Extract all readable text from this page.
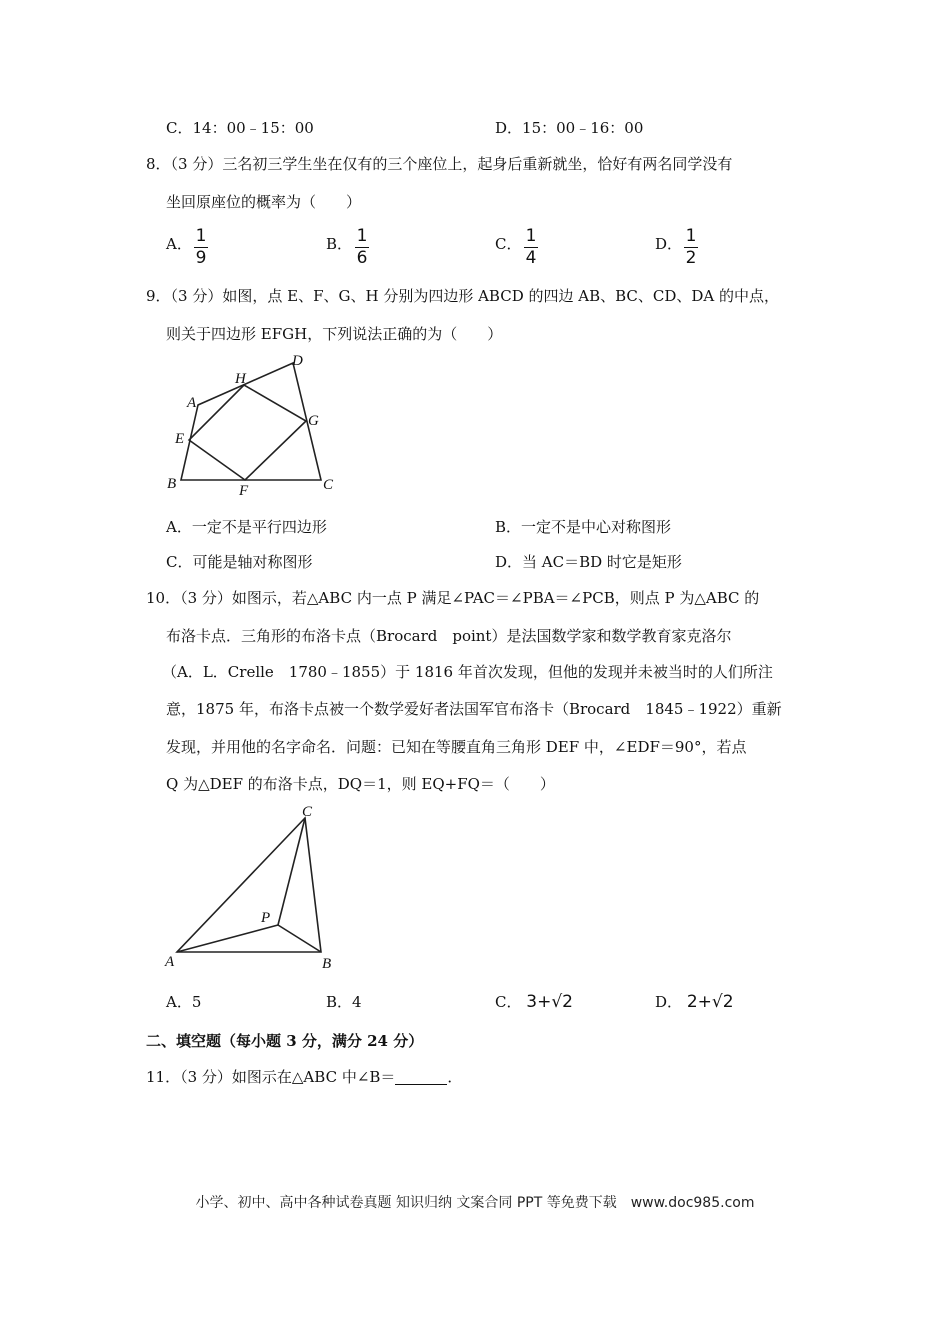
C．14：00﹣15：00	D．15：00﹣16：00
8．（3 分）三名初三学生坐在仅有的三个座位上，起身后重新就坐，恰好有两名同学没有
坐回原座位的概率为（　　）
A． 1
9
B． 1
6
C． 1
4
D． 1
2
9．（3 分）如图，点 E、F、G、H 分别为四边形 ABCD 的四边 AB、BC、CD、DA 的中点，
则关于四边形 EFGH，下列说法正确的为（　　）
A
B	C
D
E
F
G
H
A．一定不是平行四边形	B．一定不是中心对称图形
C．可能是轴对称图形	D．当 AC＝BD 时它是矩形
10．（3 分）如图示，若△ABC 内一点 P 满足∠PAC＝∠PBA＝∠PCB，则点 P 为△ABC 的
布洛卡点．三角形的布洛卡点（Brocard　point）是法国数学家和数学教育家克洛尔
（A．L．Crelle　1780﹣1855）于 1816 年首次发现，但他的发现并未被当时的人们所注
意，1875 年，布洛卡点被一个数学爱好者法国军官布洛卡（Brocard　1845﹣1922）重新
发现，并用他的名字命名．问题：已知在等腰直角三角形 DEF 中，∠EDF＝90°，若点
Q 为△DEF 的布洛卡点，DQ＝1，则 EQ+FQ＝（　　）
A	B
C
P
A．5	B．4	C． 3+√2	D． 2+√2
二、填空题（每小题 3 分，满分 24 分）
11．（3 分）如图示在△ABC 中∠B＝	．
小学、初中、高中各种试卷真题 知识归纳 文案合同 PPT 等免费下载　www.doc985.com
